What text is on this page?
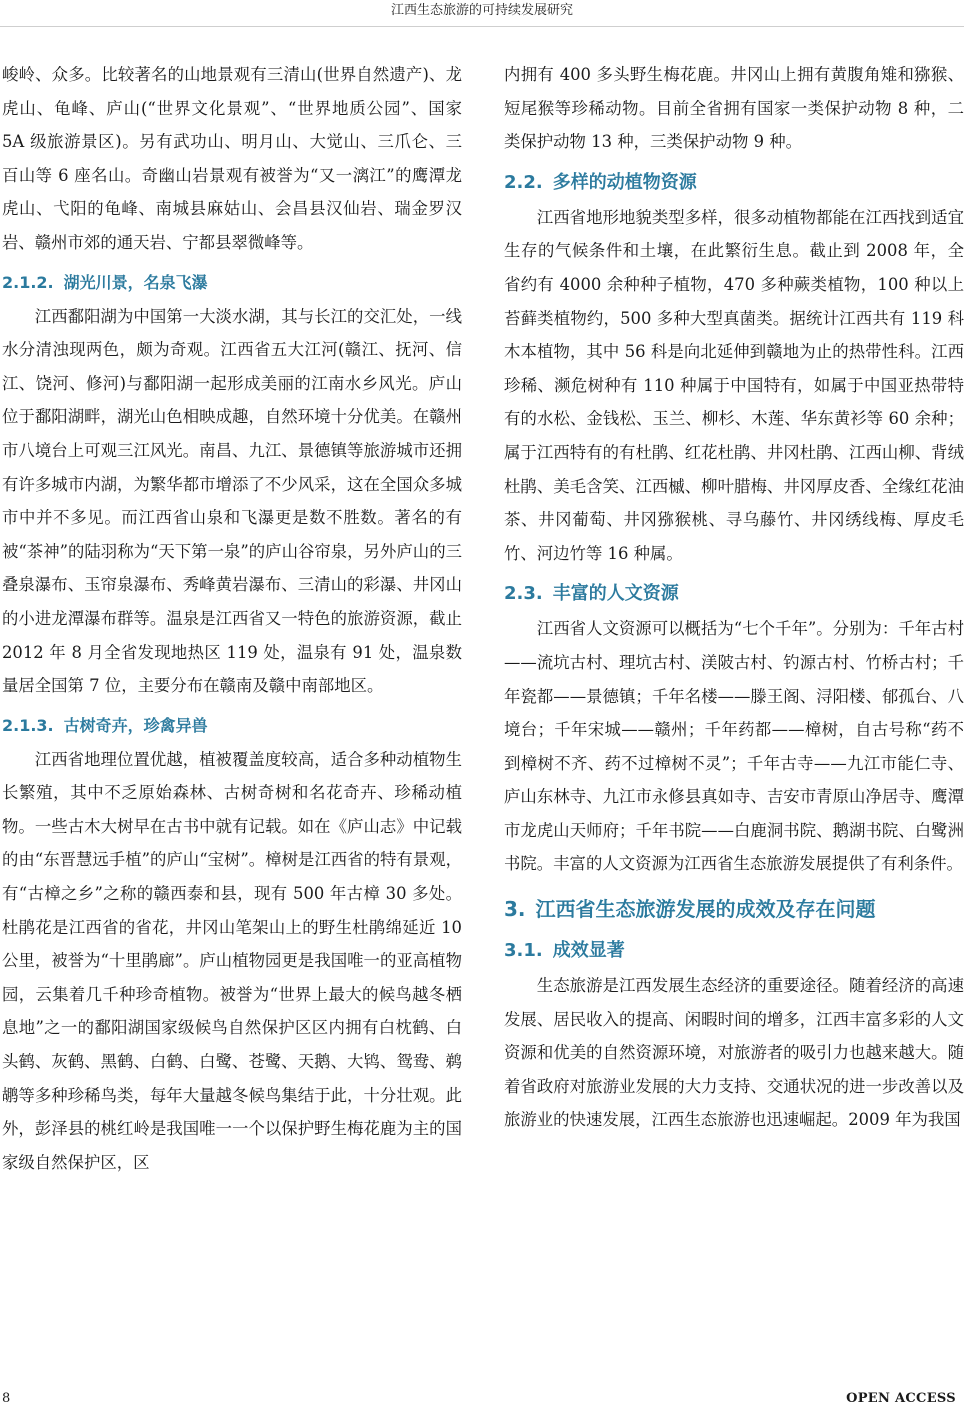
江西生态旅游的可持续发展研究

峻岭、众多。比较著名的山地景观有三清山(世界自然遗产)、龙虎山、龟峰、庐山(“世界文化景观”、“世界地质公园”、国家 5A 级旅游景区)。另有武功山、明月山、大觉山、三爪仑、三百山等 6 座名山。奇幽山岩景观有被誉为“又一漓江”的鹰潭龙虎山、弋阳的龟峰、南城县麻姑山、会昌县汉仙岩、瑞金罗汉岩、赣州市郊的通天岩、宁都县翠微峰等。

2.1.2. 湖光川景，名泉飞瀑

江西鄱阳湖为中国第一大淡水湖，其与长江的交汇处，一线水分清浊现两色，颇为奇观。江西省五大江河(赣江、抚河、信江、饶河、修河)与鄱阳湖一起形成美丽的江南水乡风光。庐山位于鄱阳湖畔，湖光山色相映成趣，自然环境十分优美。在赣州市八境台上可观三江风光。南昌、九江、景德镇等旅游城市还拥有许多城市内湖，为繁华都市增添了不少风采，这在全国众多城市中并不多见。而江西省山泉和飞瀑更是数不胜数。著名的有被“茶神”的陆羽称为“天下第一泉”的庐山谷帘泉，另外庐山的三叠泉瀑布、玉帘泉瀑布、秀峰黄岩瀑布、三清山的彩瀑、井冈山的小进龙潭瀑布群等。温泉是江西省又一特色的旅游资源，截止 2012 年 8 月全省发现地热区 119 处，温泉有 91 处，温泉数量居全国第 7 位，主要分布在赣南及赣中南部地区。

2.1.3. 古树奇卉，珍禽异兽

江西省地理位置优越，植被覆盖度较高，适合多种动植物生长繁殖，其中不乏原始森林、古树奇树和名花奇卉、珍稀动植物。一些古木大树早在古书中就有记载。如在《庐山志》中记载的由“东晋慧远手植”的庐山“宝树”。樟树是江西省的特有景观，有“古樟之乡”之称的赣西泰和县，现有 500 年古樟 30 多处。杜鹃花是江西省的省花，井冈山笔架山上的野生杜鹃绵延近 10 公里，被誉为“十里鹃廊”。庐山植物园更是我国唯一的亚高植物园，云集着几千种珍奇植物。被誉为“世界上最大的候鸟越冬栖息地”之一的鄱阳湖国家级候鸟自然保护区区内拥有白枕鹤、白头鹤、灰鹤、黑鹤、白鹤、白鹭、苍鹭、天鹅、大鸨、鸳鸯、鹈鹕等多种珍稀鸟类，每年大量越冬候鸟集结于此，十分壮观。此外，彭泽县的桃红岭是我国唯一一个以保护野生梅花鹿为主的国家级自然保护区，区

内拥有 400 多头野生梅花鹿。井冈山上拥有黄腹角雉和猕猴、短尾猴等珍稀动物。目前全省拥有国家一类保护动物 8 种，二类保护动物 13 种，三类保护动物 9 种。

2.2. 多样的动植物资源

江西省地形地貌类型多样，很多动植物都能在江西找到适宜生存的气候条件和土壤，在此繁衍生息。截止到 2008 年，全省约有 4000 余种种子植物，470 多种蕨类植物，100 种以上苔藓类植物约，500 多种大型真菌类。据统计江西共有 119 科木本植物，其中 56 科是向北延伸到赣地为止的热带性科。江西珍稀、濒危树种有 110 种属于中国特有，如属于中国亚热带特有的水松、金钱松、玉兰、柳杉、木莲、华东黄衫等 60 余种；属于江西特有的有杜鹃、红花杜鹃、井冈杜鹃、江西山柳、背绒杜鹃、美毛含笑、江西槭、柳叶腊梅、井冈厚皮香、全缘红花油茶、井冈葡萄、井冈猕猴桃、寻乌藤竹、井冈绣线梅、厚皮毛竹、河边竹等 16 种属。

2.3. 丰富的人文资源

江西省人文资源可以概括为“七个千年”。分别为：千年古村——流坑古村、理坑古村、渼陂古村、钓源古村、竹桥古村；千年瓷都——景德镇；千年名楼——滕王阁、浔阳楼、郁孤台、八境台；千年宋城——赣州；千年药都——樟树，自古号称“药不到樟树不齐、药不过樟树不灵”；千年古寺——九江市能仁寺、庐山东林寺、九江市永修县真如寺、吉安市青原山净居寺、鹰潭市龙虎山天师府；千年书院——白鹿洞书院、鹅湖书院、白鹭洲书院。丰富的人文资源为江西省生态旅游发展提供了有利条件。

3. 江西省生态旅游发展的成效及存在问题
3.1. 成效显著

生态旅游是江西发展生态经济的重要途径。随着经济的高速发展、居民收入的提高、闲暇时间的增多，江西丰富多彩的人文资源和优美的自然资源环境，对旅游者的吸引力也越来越大。随着省政府对旅游业发展的大力支持、交通状况的进一步改善以及旅游业的快速发展，江西生态旅游也迅速崛起。2009 年为我国

8	OPEN ACCESS
